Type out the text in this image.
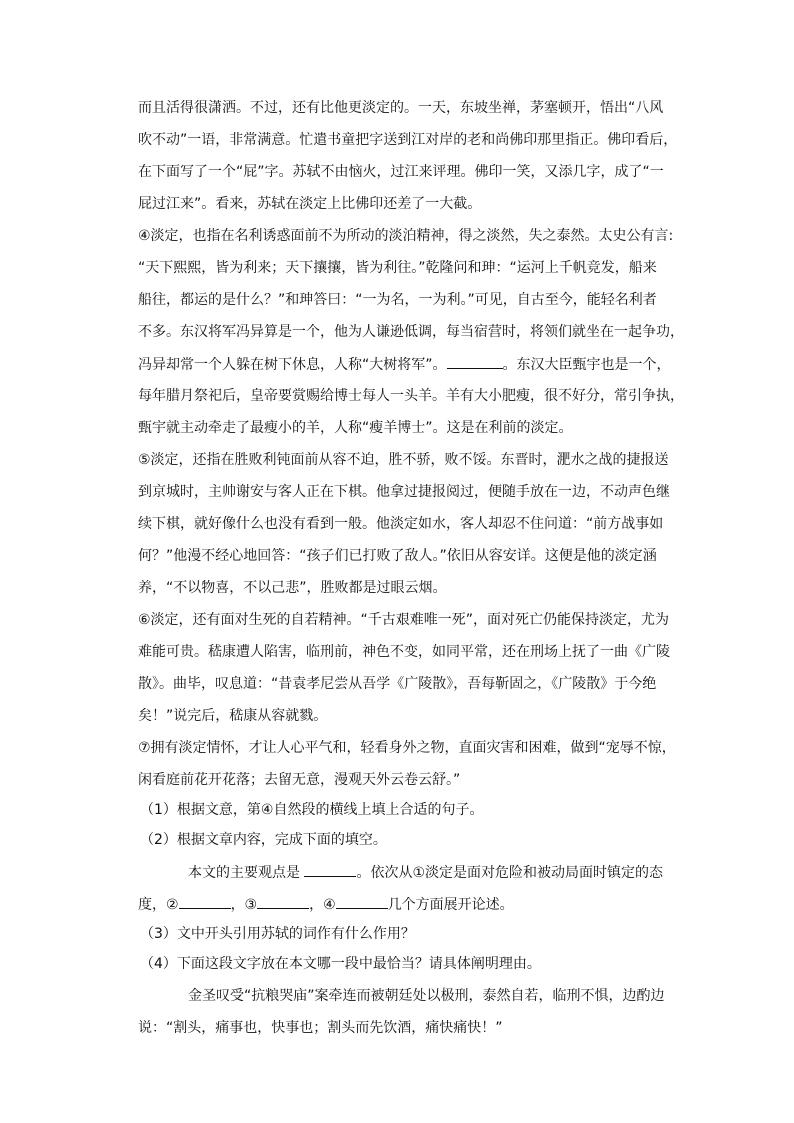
而且活得很潇洒。不过，还有比他更淡定的。一天，东坡坐禅，茅塞顿开，悟出“八风
吹不动”一语，非常满意。忙遣书童把字送到江对岸的老和尚佛印那里指正。佛印看后，
在下面写了一个“屁”字。苏轼不由恼火，过江来评理。佛印一笑，又添几字，成了“一
屁过江来”。看来，苏轼在淡定上比佛印还差了一大截。
④淡定，也指在名利诱惑面前不为所动的淡泊精神，得之淡然，失之泰然。太史公有言:
“天下熙熙，皆为利来；天下攘攘，皆为利往。”乾隆问和珅：“运河上千帆竞发，船来
船往，都运的是什么？”和珅答曰：“一为名，一为利。”可见，自古至今，能轻名利者
不多。东汉将军冯异算是一个，他为人谦逊低调，每当宿营时，将领们就坐在一起争功，
冯异却常一个人躲在树下休息，人称“大树将军”。	。东汉大臣甄宇也是一个，
每年腊月祭祀后，皇帝要赏赐给博士每人一头羊。羊有大小肥瘦，很不好分，常引争执，
甄宇就主动牵走了最瘦小的羊，人称“瘦羊博士”。这是在利前的淡定。
⑤淡定，还指在胜败利钝面前从容不迫，胜不骄，败不馁。东晋时，淝水之战的捷报送
到京城时，主帅谢安与客人正在下棋。他拿过捷报阅过，便随手放在一边，不动声色继
续下棋，就好像什么也没有看到一般。他淡定如水，客人却忍不住问道：“前方战事如
何？”他漫不经心地回答：“孩子们已打败了敌人。”依旧从容安详。这便是他的淡定涵
养，“不以物喜，不以己悲”，胜败都是过眼云烟。
⑥淡定，还有面对生死的自若精神。“千古艰难唯一死”，面对死亡仍能保持淡定，尤为
难能可贵。嵇康遭人陷害，临刑前，神色不变，如同平常，还在刑场上抚了一曲《广陵
散》。曲毕，叹息道：“昔袁孝尼尝从吾学《广陵散》，吾每靳固之，《广陵散》于今绝
矣！”说完后，嵇康从容就戮。
⑦拥有淡定情怀，才让人心平气和，轻看身外之物，直面灾害和困难，做到“宠辱不惊，
闲看庭前花开花落；去留无意，漫观天外云卷云舒。”
（1）根据文意，第④自然段的横线上填上合适的句子。
（2）根据文章内容，完成下面的填空。
本文的主要观点是	。依次从①淡定是面对危险和被动局面时镇定的态
度，②	，③	，④	几个方面展开论述。
（3）文中开头引用苏轼的词作有什么作用？
（4）下面这段文字放在本文哪一段中最恰当？请具体阐明理由。
金圣叹受“抗粮哭庙”案牵连而被朝廷处以极刑，泰然自若，临刑不惧，边酌边
说：“割头，痛事也，快事也；割头而先饮酒，痛快痛快！”
